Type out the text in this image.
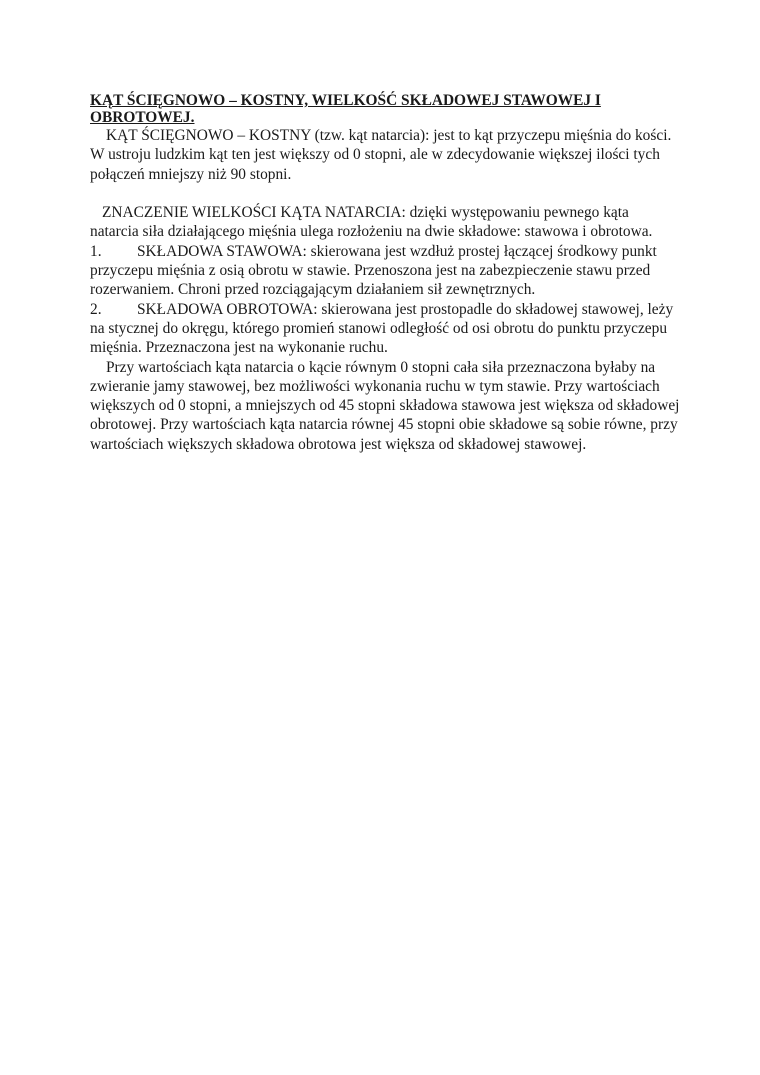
KĄT ŚCIĘGNOWO – KOSTNY, WIELKOŚĆ SKŁADOWEJ STAWOWEJ I OBROTOWEJ.

KĄT ŚCIĘGNOWO – KOSTNY (tzw. kąt natarcia): jest to kąt przyczepu mięśnia do kości. W ustroju ludzkim kąt ten jest większy od 0 stopni, ale w zdecydowanie większej ilości tych połączeń mniejszy niż 90 stopni.

ZNACZENIE WIELKOŚCI KĄTA NATARCIA: dzięki występowaniu pewnego kąta natarcia siła działającego mięśnia ulega rozłożeniu na dwie składowe: stawowa i obrotowa.

1. SKŁADOWA STAWOWA: skierowana jest wzdłuż prostej łączącej środkowy punkt przyczepu mięśnia z osią obrotu w stawie. Przenoszona jest na zabezpieczenie stawu przed rozerwaniem. Chroni przed rozciągającym działaniem sił zewnętrznych.

2. SKŁADOWA OBROTOWA: skierowana jest prostopadle do składowej stawowej, leży na stycznej do okręgu, którego promień stanowi odległość od osi obrotu do punktu przyczepu mięśnia. Przeznaczona jest na wykonanie ruchu.

Przy wartościach kąta natarcia o kącie równym 0 stopni cała siła przeznaczona byłaby na zwieranie jamy stawowej, bez możliwości wykonania ruchu w tym stawie. Przy wartościach większych od 0 stopni, a mniejszych od 45 stopni składowa stawowa jest większa od składowej obrotowej. Przy wartościach kąta natarcia równej 45 stopni obie składowe są sobie równe, przy wartościach większych składowa obrotowa jest większa od składowej stawowej.
